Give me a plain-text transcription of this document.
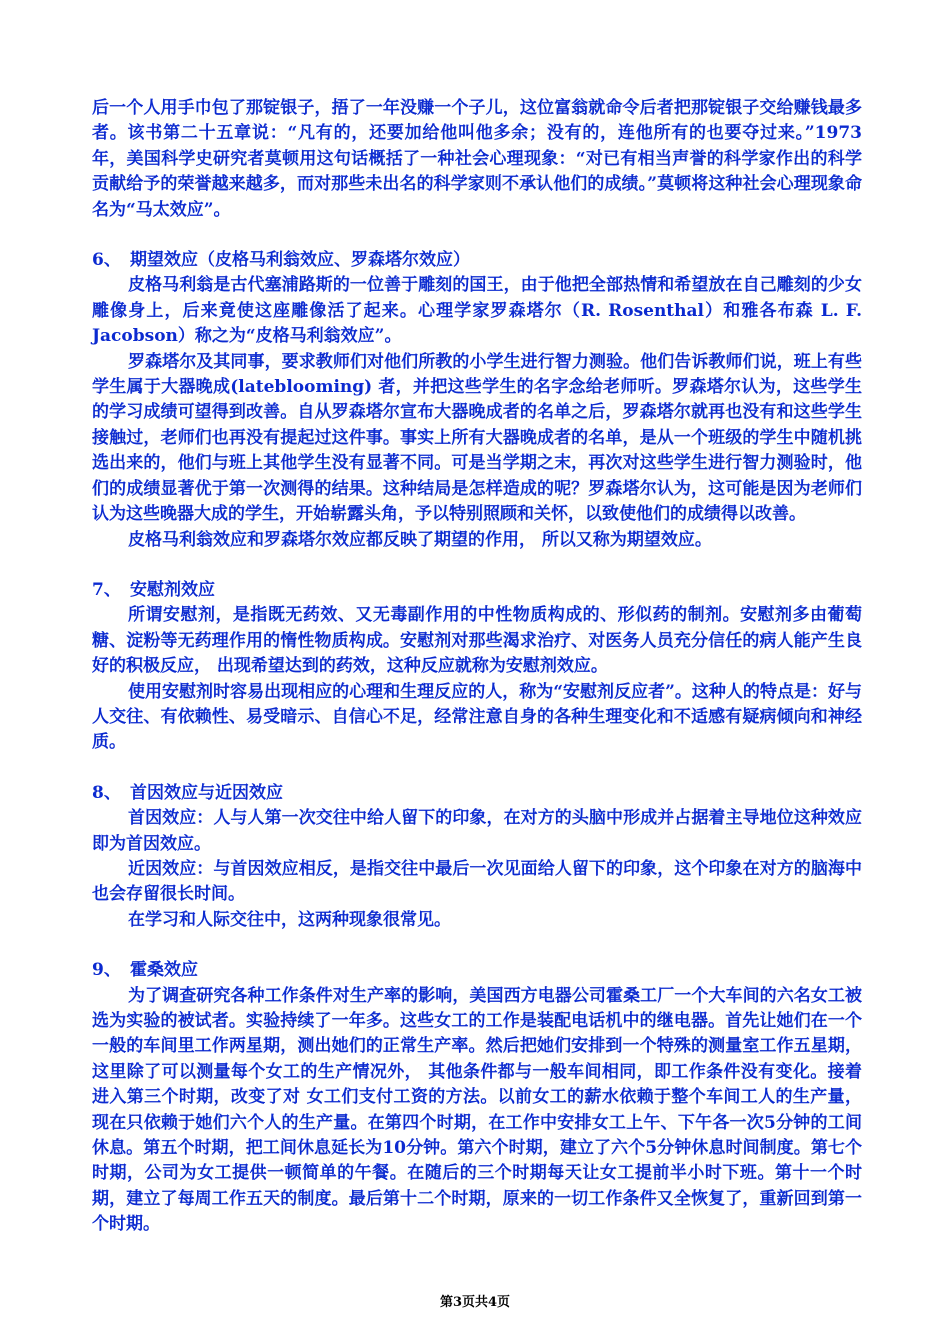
后一个人用手巾包了那锭银子，捂了一年没赚一个子儿，这位富翁就命令后者把那锭银子交给赚钱最多者。该书第二十五章说：“凡有的，还要加给他叫他多余；没有的，连他所有的也要夺过来。”1973年，美国科学史研究者莫顿用这句话概括了一种社会心理现象：“对已有相当声誉的科学家作出的科学贡献给予的荣誉越来越多，而对那些未出名的科学家则不承认他们的成绩。”莫顿将这种社会心理现象命名为“马太效应”。

6、 期望效应（皮格马利翁效应、罗森塔尔效应）

皮格马利翁是古代塞浦路斯的一位善于雕刻的国王，由于他把全部热情和希望放在自己雕刻的少女雕像身上，后来竟使这座雕像活了起来。心理学家罗森塔尔（R. Rosenthal）和雅各布森 L. F. Jacobson）称之为“皮格马利翁效应”。

罗森塔尔及其同事，要求教师们对他们所教的小学生进行智力测验。他们告诉教师们说，班上有些学生属于大器晚成(lateblooming) 者，并把这些学生的名字念给老师听。罗森塔尔认为，这些学生的学习成绩可望得到改善。自从罗森塔尔宣布大器晚成者的名单之后，罗森塔尔就再也没有和这些学生接触过，老师们也再没有提起过这件事。事实上所有大器晚成者的名单，是从一个班级的学生中随机挑选出来的，他们与班上其他学生没有显著不同。可是当学期之末，再次对这些学生进行智力测验时，他们的成绩显著优于第一次测得的结果。这种结局是怎样造成的呢？罗森塔尔认为，这可能是因为老师们认为这些晚器大成的学生，开始崭露头角，予以特别照顾和关怀，以致使他们的成绩得以改善。

皮格马利翁效应和罗森塔尔效应都反映了期望的作用， 所以又称为期望效应。

7、 安慰剂效应

所谓安慰剂，是指既无药效、又无毒副作用的中性物质构成的、形似药的制剂。安慰剂多由葡萄糖、淀粉等无药理作用的惰性物质构成。安慰剂对那些渴求治疗、对医务人员充分信任的病人能产生良好的积极反应， 出现希望达到的药效，这种反应就称为安慰剂效应。

使用安慰剂时容易出现相应的心理和生理反应的人，称为“安慰剂反应者”。这种人的特点是：好与人交往、有依赖性、易受暗示、自信心不足，经常注意自身的各种生理变化和不适感有疑病倾向和神经质。

8、 首因效应与近因效应

首因效应：人与人第一次交往中给人留下的印象，在对方的头脑中形成并占据着主导地位这种效应即为首因效应。

近因效应：与首因效应相反，是指交往中最后一次见面给人留下的印象，这个印象在对方的脑海中也会存留很长时间。

在学习和人际交往中，这两种现象很常见。

9、 霍桑效应

为了调查研究各种工作条件对生产率的影响，美国西方电器公司霍桑工厂一个大车间的六名女工被选为实验的被试者。实验持续了一年多。这些女工的工作是装配电话机中的继电器。首先让她们在一个一般的车间里工作两星期，测出她们的正常生产率。然后把她们安排到一个特殊的测量室工作五星期，这里除了可以测量每个女工的生产情况外， 其他条件都与一般车间相同，即工作条件没有变化。接着进入第三个时期，改变了对 女工们支付工资的方法。以前女工的薪水依赖于整个车间工人的生产量，现在只依赖于她们六个人的生产量。在第四个时期，在工作中安排女工上午、下午各一次5分钟的工间休息。第五个时期，把工间休息延长为10分钟。第六个时期，建立了六个5分钟休息时间制度。第七个时期，公司为女工提供一顿简单的午餐。在随后的三个时期每天让女工提前半小时下班。第十一个时期，建立了每周工作五天的制度。最后第十二个时期，原来的一切工作条件又全恢复了，重新回到第一个时期。

第3页共4页
